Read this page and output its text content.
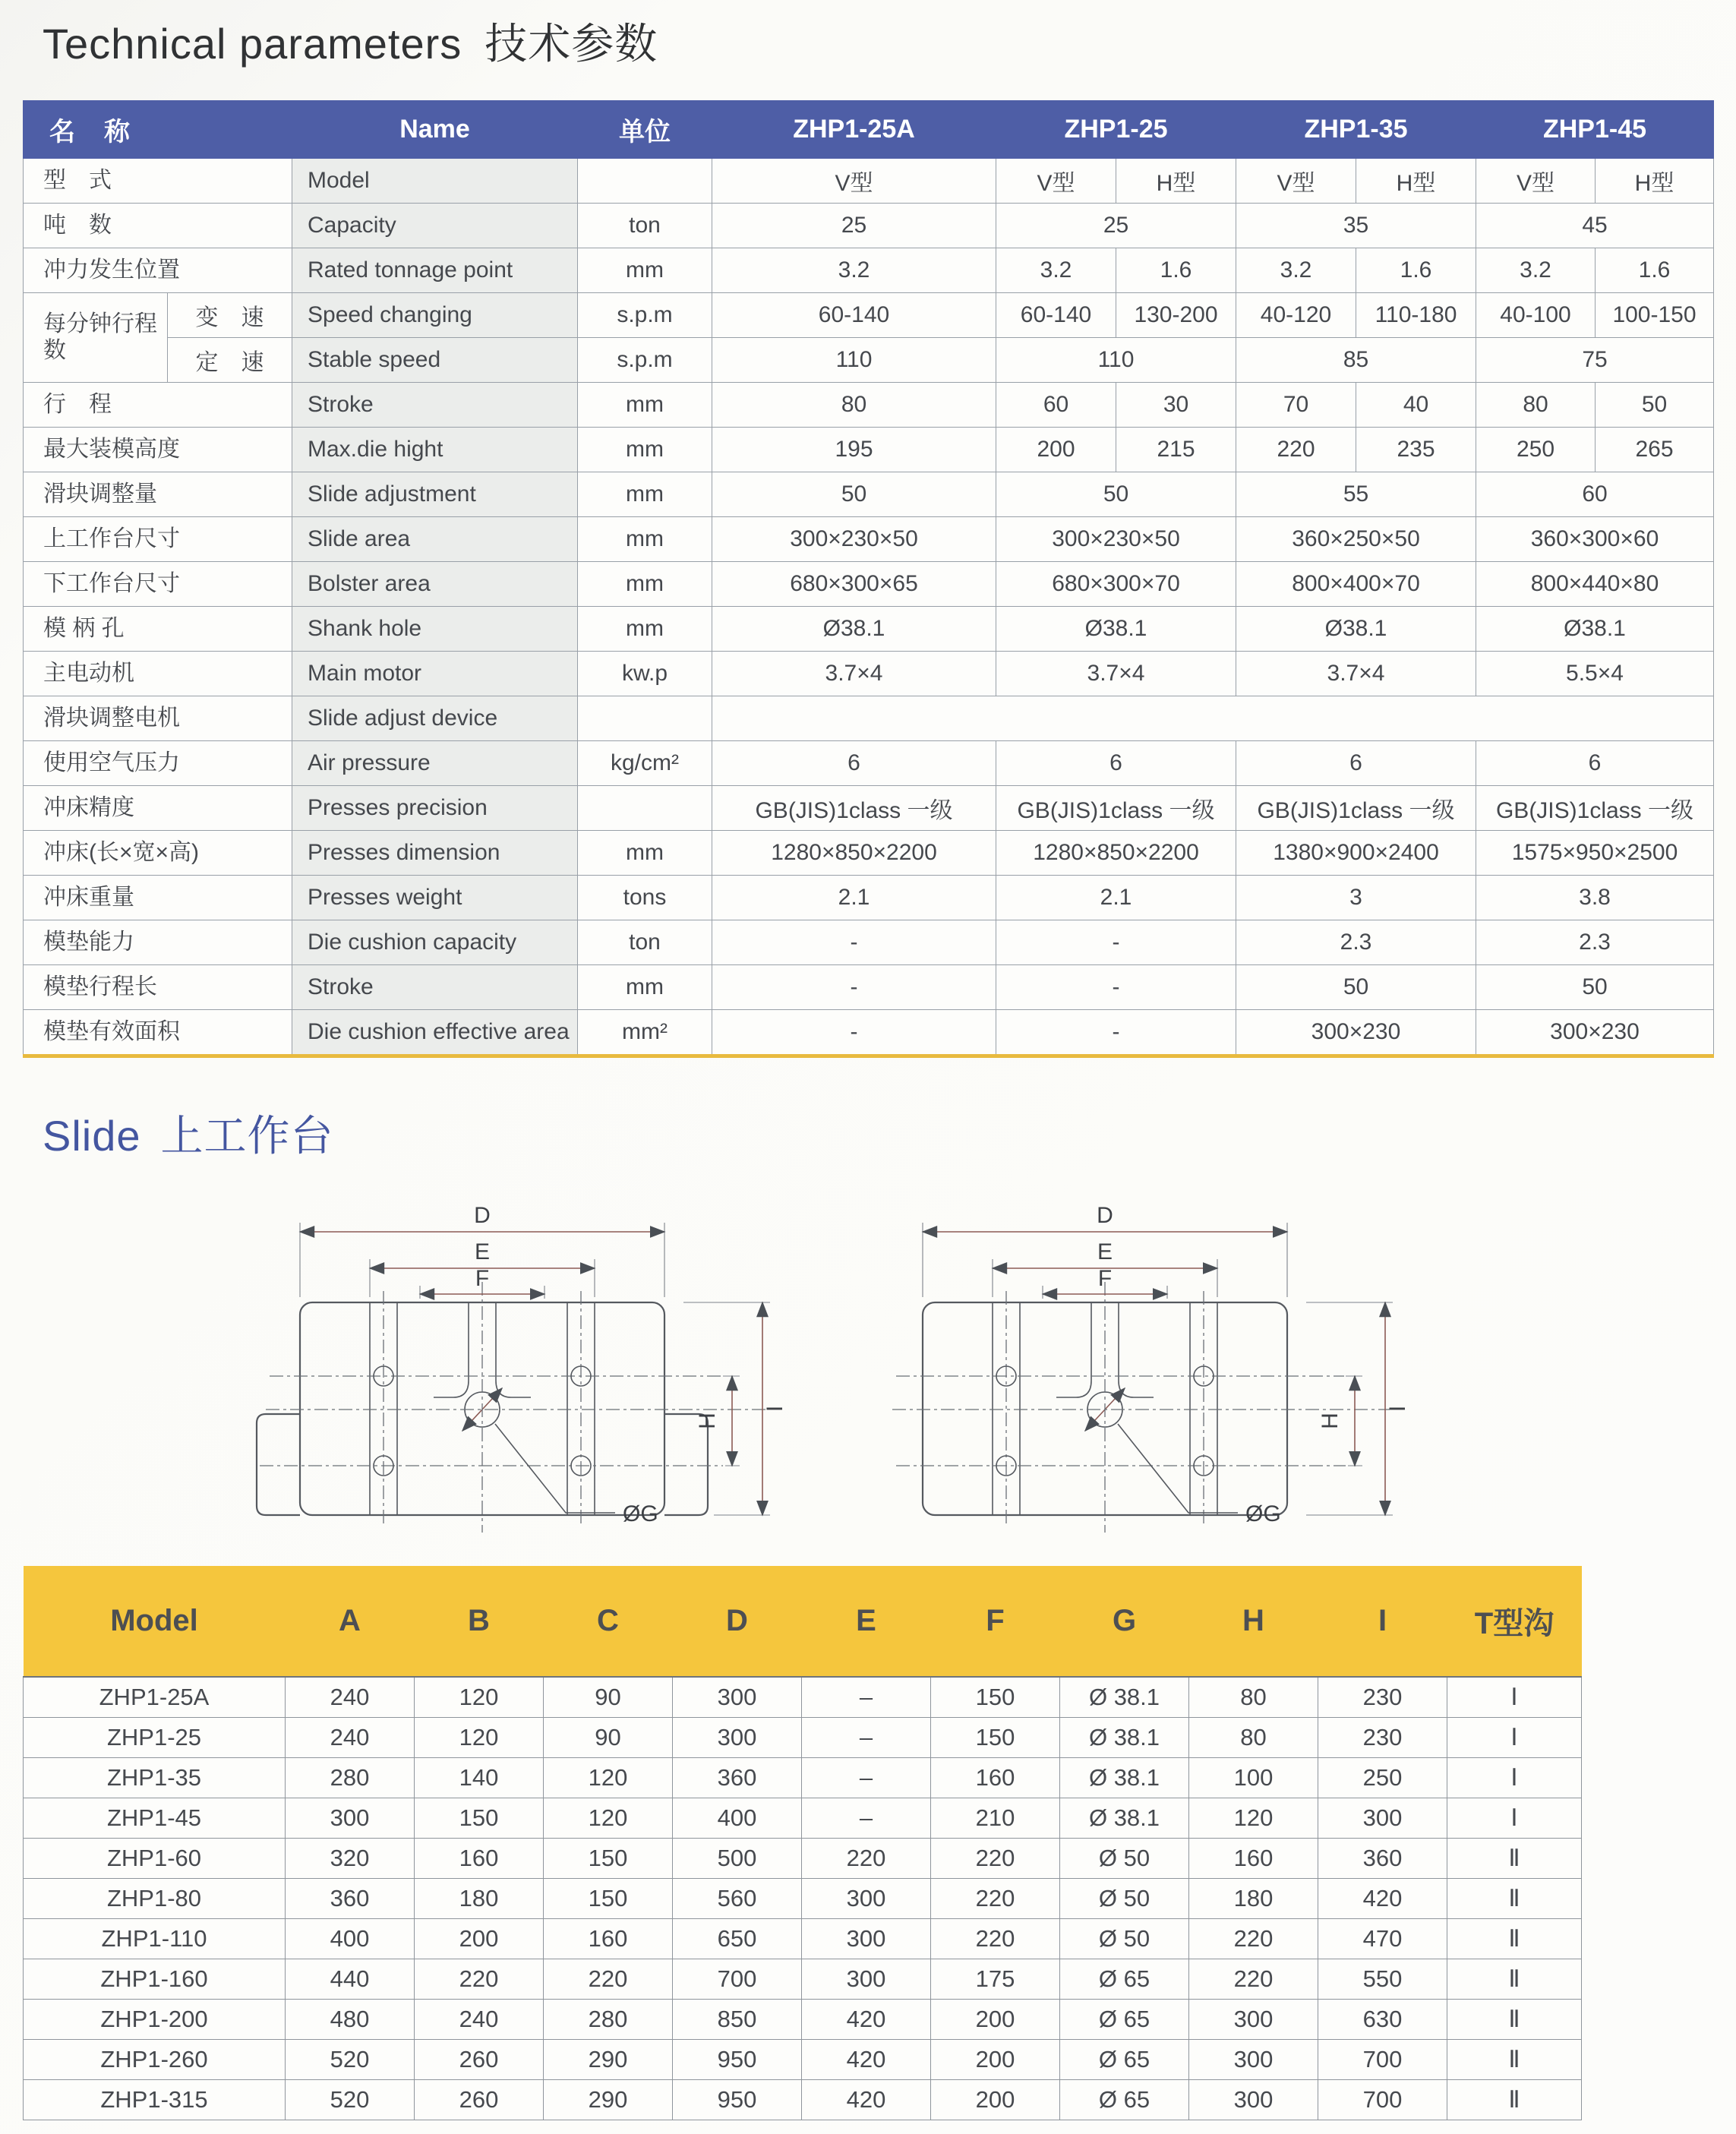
Technical parameters 技术参数
名　称		Name	单位	ZHP1-25A	ZHP1-25		ZHP1-35		ZHP1-45	
型　式		Model		V型	V型	H型	V型	H型	V型	H型
吨　数		Capacity	ton	25	25		35		45	
冲力发生位置		Rated tonnage point	mm	3.2	3.2	1.6	3.2	1.6	3.2	1.6
每分钟行程数	变　速	Speed changing	s.p.m	60-140	60-140	130-200	40-120	110-180	40-100	100-150
	定　速	Stable speed	s.p.m	110	110		85		75	
行　程		Stroke	mm	80	60	30	70	40	80	50
最大装模高度		Max.die hight	mm	195	200	215	220	235	250	265
滑块调整量		Slide adjustment	mm	50	50		55		60	
上工作台尺寸		Slide area	mm	300×230×50	300×230×50		360×250×50		360×300×60	
下工作台尺寸		Bolster area	mm	680×300×65	680×300×70		800×400×70		800×440×80	
模 柄 孔		Shank hole	mm	Ø38.1	Ø38.1		Ø38.1		Ø38.1	
主电动机		Main motor	kw.p	3.7×4	3.7×4		3.7×4		5.5×4	
滑块调整电机		Slide adjust device								
使用空气压力		Air pressure	kg/cm²	6	6		6		6	
冲床精度		Presses precision		GB(JIS)1class 一级	GB(JIS)1class 一级		GB(JIS)1class 一级		GB(JIS)1class 一级	
冲床(长×宽×高)		Presses dimension	mm	1280×850×2200	1280×850×2200		1380×900×2400		1575×950×2500	
冲床重量		Presses weight	tons	2.1	2.1		3		3.8	
模垫能力		Die cushion capacity	ton	-	-		2.3		2.3	
模垫行程长		Stroke	mm	-	-		50		50	
模垫有效面积		Die cushion effective area	mm²	-	-		300×230		300×230	
Slide 上工作台
D
E
F
H
I
ØG
D
E
F
H
I
ØG
Model	A	B	C	D	E	F	G	H	I	T型沟
ZHP1-25A	240	120	90	300	–	150	Ø 38.1	80	230	Ⅰ
ZHP1-25	240	120	90	300	–	150	Ø 38.1	80	230	Ⅰ
ZHP1-35	280	140	120	360	–	160	Ø 38.1	100	250	Ⅰ
ZHP1-45	300	150	120	400	–	210	Ø 38.1	120	300	Ⅰ
ZHP1-60	320	160	150	500	220	220	Ø 50	160	360	Ⅱ
ZHP1-80	360	180	150	560	300	220	Ø 50	180	420	Ⅱ
ZHP1-110	400	200	160	650	300	220	Ø 50	220	470	Ⅱ
ZHP1-160	440	220	220	700	300	175	Ø 65	220	550	Ⅱ
ZHP1-200	480	240	280	850	420	200	Ø 65	300	630	Ⅱ
ZHP1-260	520	260	290	950	420	200	Ø 65	300	700	Ⅱ
ZHP1-315	520	260	290	950	420	200	Ø 65	300	700	Ⅱ
